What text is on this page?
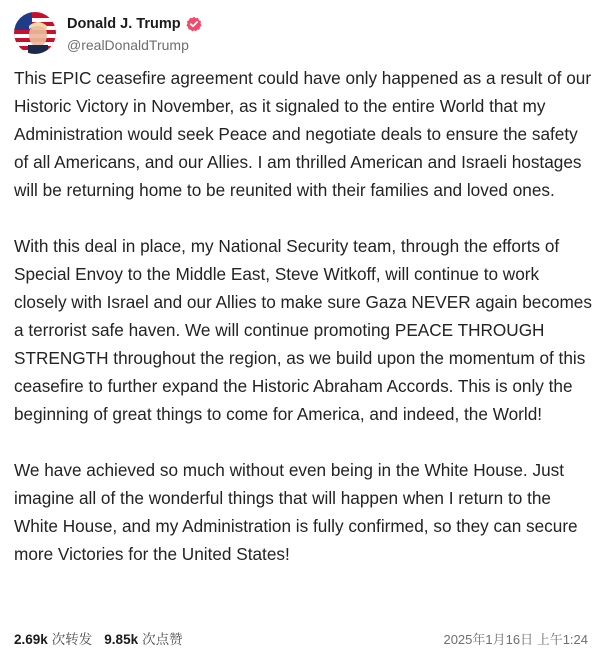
Donald J. Trump
@realDonaldTrump

This EPIC ceasefire agreement could have only happened as a result of our Historic Victory in November, as it signaled to the entire World that my Administration would seek Peace and negotiate deals to ensure the safety of all Americans, and our Allies. I am thrilled American and Israeli hostages will be returning home to be reunited with their families and loved ones.

With this deal in place, my National Security team, through the efforts of Special Envoy to the Middle East, Steve Witkoff, will continue to work closely with Israel and our Allies to make sure Gaza NEVER again becomes a terrorist safe haven. We will continue promoting PEACE THROUGH STRENGTH throughout the region, as we build upon the momentum of this ceasefire to further expand the Historic Abraham Accords. This is only the beginning of great things to come for America, and indeed, the World!

We have achieved so much without even being in the White House. Just imagine all of the wonderful things that will happen when I return to the White House, and my Administration is fully confirmed, so they can secure more Victories for the United States!

2.69k 次转发 9.85k 次点赞	2025年1月16日 上午1:24
